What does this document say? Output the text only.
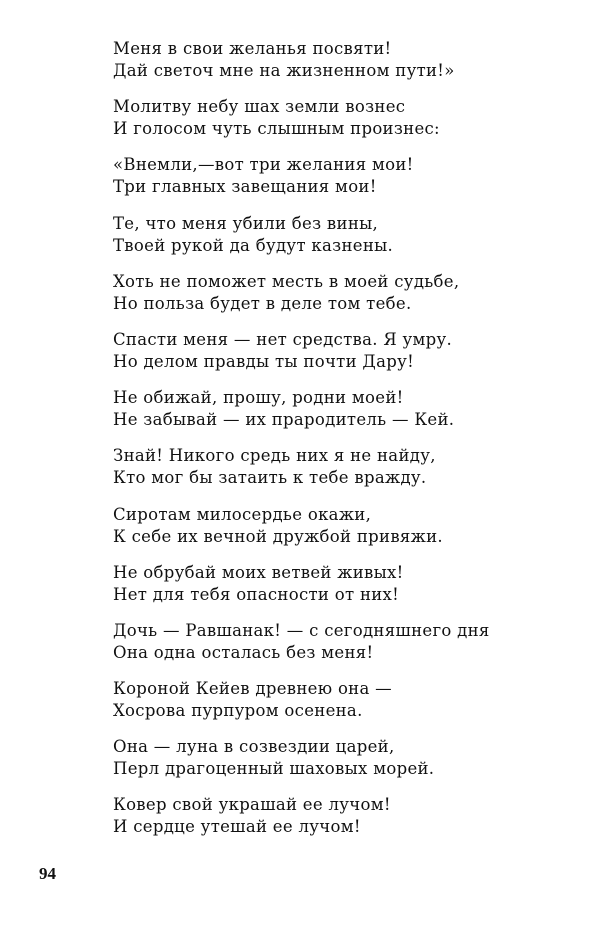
Меня в свои желанья посвяти!
Дай светоч мне на жизненном пути!»
Молитву небу шах земли вознес
И голосом чуть слышным произнес:
«Внемли,—вот три желания мои!
Три главных завещания мои!
Те, что меня убили без вины,
Твоей рукой да будут казнены.
Хоть не поможет месть в моей судьбе,
Но польза будет в деле том тебе.
Спасти меня — нет средства. Я умру.
Но делом правды ты почти Дару!
Не обижай, прошу, родни моей!
Не забывай — их прародитель — Кей.
Знай! Никого средь них я не найду,
Кто мог бы затаить к тебе вражду.
Сиротам милосердье окажи,
К себе их вечной дружбой привяжи.
Не обрубай моих ветвей живых!
Нет для тебя опасности от них!
Дочь — Равшанак! — с сегодняшнего дня
Она одна осталась без меня!
Короной Кейев древнею она —
Хосрова пурпуром осенена.
Она — луна в созвездии царей,
Перл драгоценный шаховых морей.
Ковер свой украшай ее лучом!
И сердце утешай ее лучом!
94
